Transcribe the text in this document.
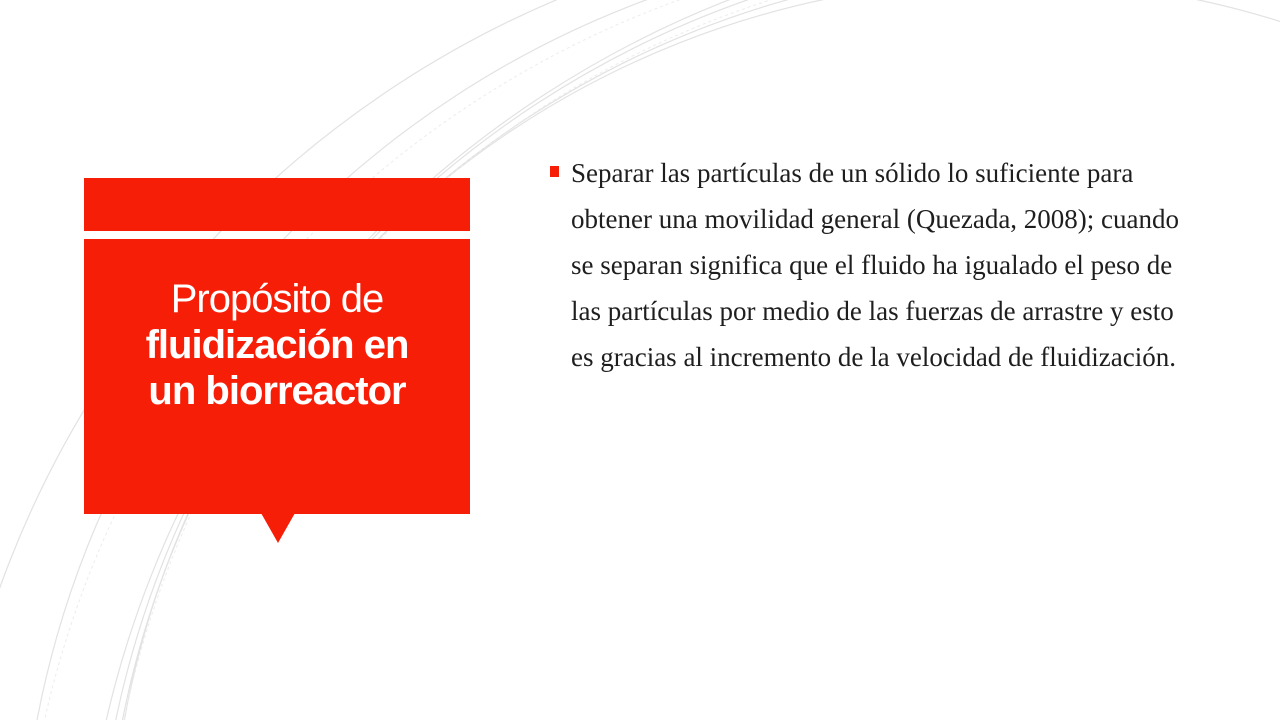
Propósito de
fluidización en
un biorreactor
Separar las partículas de un sólido lo suficiente para obtener una movilidad general (Quezada, 2008); cuando se separan significa que el fluido ha igualado el peso de las partículas por medio de las fuerzas de arrastre y esto es gracias al incremento de la velocidad de fluidización.
